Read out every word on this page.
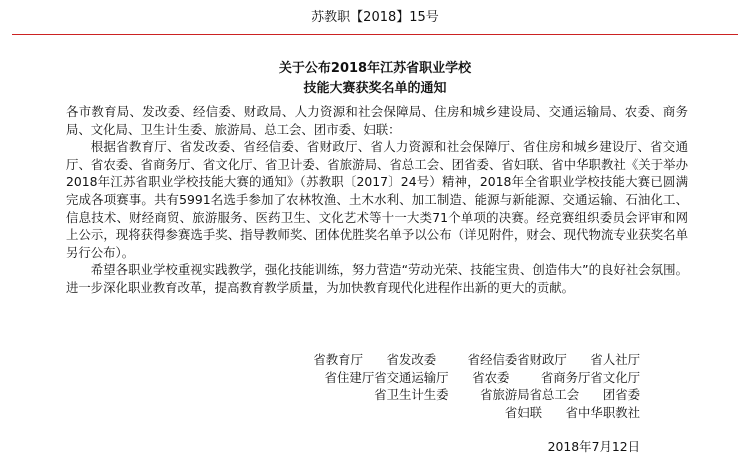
苏教职【2018】15号
关于公布2018年江苏省职业学校
技能大赛获奖名单的通知

各市教育局、发改委、经信委、财政局、人力资源和社会保障局、住房和城乡建设局、交通运输局、农委、商务局、文化局、卫生计生委、旅游局、总工会、团市委、妇联：

根据省教育厅、省发改委、省经信委、省财政厅、省人力资源和社会保障厅、省住房和城乡建设厅、省交通厅、省农委、省商务厅、省文化厅、省卫计委、省旅游局、省总工会、团省委、省妇联、省中华职教社《关于举办2018年江苏省职业学校技能大赛的通知》（苏教职〔2017〕24号）精神，2018年全省职业学校技能大赛已圆满完成各项赛事。共有5991名选手参加了农林牧渔、土木水利、加工制造、能源与新能源、交通运输、石油化工、信息技术、财经商贸、旅游服务、医药卫生、文化艺术等十一大类71个单项的决赛。经竞赛组织委员会评审和网上公示，现将获得参赛选手奖、指导教师奖、团体优胜奖名单予以公布（详见附件，财会、现代物流专业获奖名单另行公布）。

希望各职业学校重视实践教学，强化技能训练，努力营造“劳动光荣、技能宝贵、创造伟大”的良好社会氛围。进一步深化职业教育改革，提高教育教学质量，为加快教育现代化进程作出新的更大的贡献。

省教育厅      省发改委        省经信委省财政厅      省人社厅
省住建厅省交通运输厅      省农委        省商务厅省文化厅
省卫生计生委        省旅游局省总工会      团省委
省妇联      省中华职教社
2018年7月12日
